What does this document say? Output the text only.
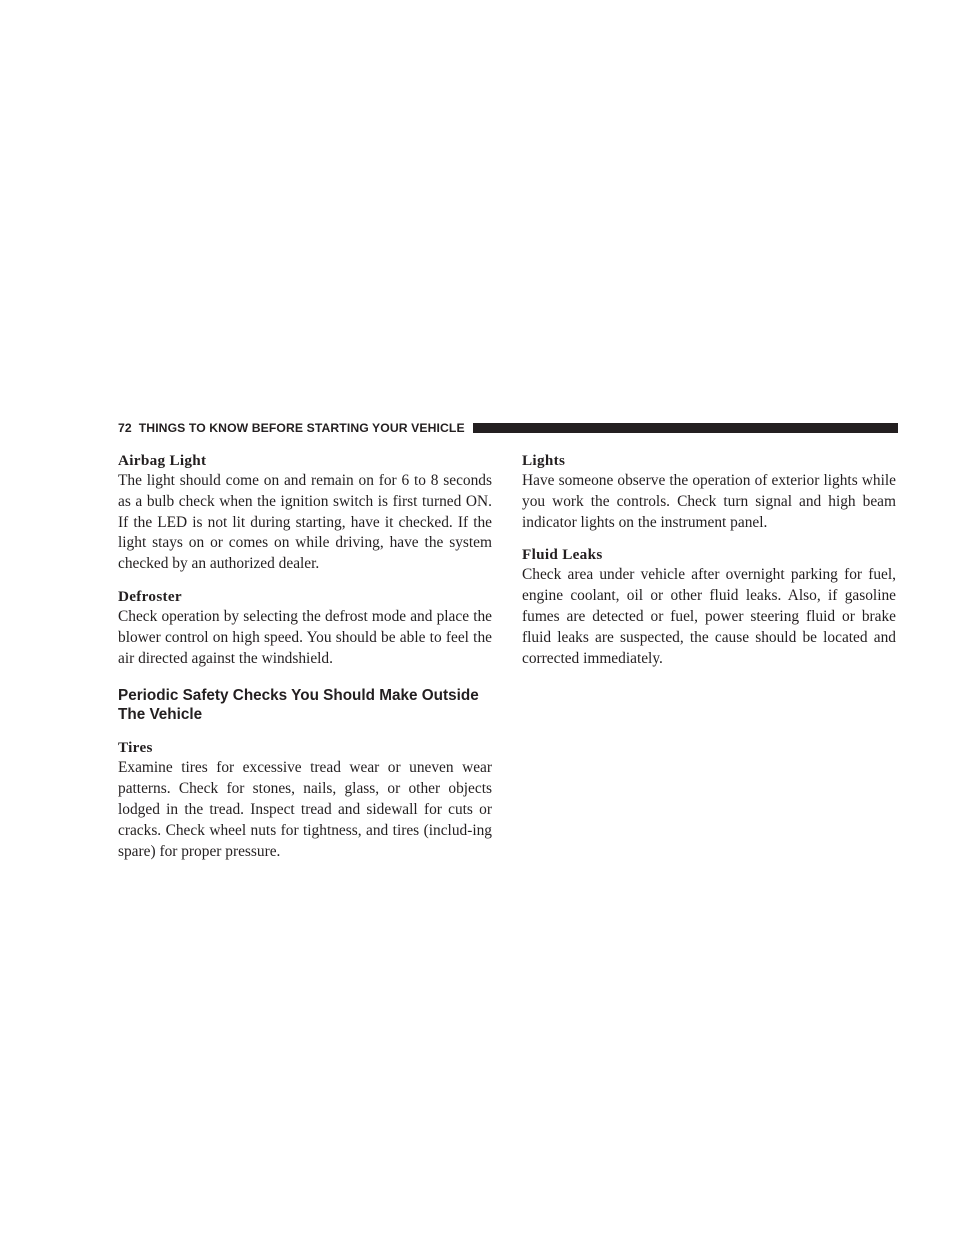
72 THINGS TO KNOW BEFORE STARTING YOUR VEHICLE

Airbag Light

The light should come on and remain on for 6 to 8 seconds as a bulb check when the ignition switch is first turned ON. If the LED is not lit during starting, have it checked. If the light stays on or comes on while driving, have the system checked by an authorized dealer.

Defroster

Check operation by selecting the defrost mode and place the blower control on high speed. You should be able to feel the air directed against the windshield.

Periodic Safety Checks You Should Make Outside The Vehicle

Tires

Examine tires for excessive tread wear or uneven wear patterns. Check for stones, nails, glass, or other objects lodged in the tread. Inspect tread and sidewall for cuts or cracks. Check wheel nuts for tightness, and tires (includ-ing spare) for proper pressure.

Lights

Have someone observe the operation of exterior lights while you work the controls. Check turn signal and high beam indicator lights on the instrument panel.

Fluid Leaks

Check area under vehicle after overnight parking for fuel, engine coolant, oil or other fluid leaks. Also, if gasoline fumes are detected or fuel, power steering fluid or brake fluid leaks are suspected, the cause should be located and corrected immediately.
